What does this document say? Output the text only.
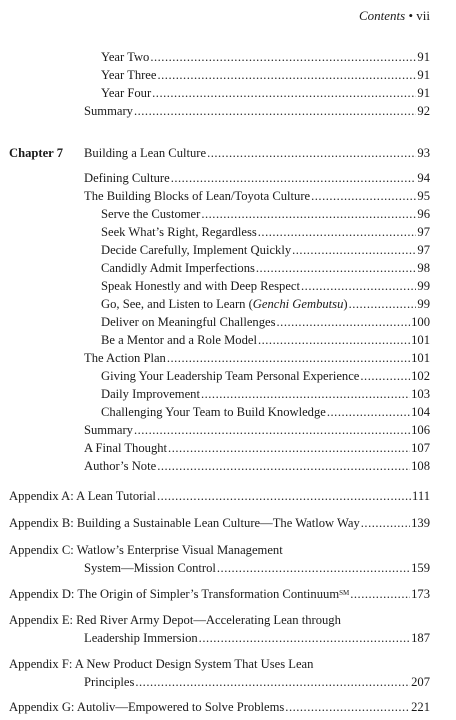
Contents • vii
Year Two .....	91
Year Three .....	91
Year Four .....	91
Summary .....	92
Chapter 7 Building a Lean Culture .....	93
Defining Culture .....	94
The Building Blocks of Lean/Toyota Culture .....	95
Serve the Customer .....	96
Seek What’s Right, Regardless .....	97
Decide Carefully, Implement Quickly .....	97
Candidly Admit Imperfections .....	98
Speak Honestly and with Deep Respect .....	99
Go, See, and Listen to Learn (Genchi Gembutsu) .....	99
Deliver on Meaningful Challenges .....	100
Be a Mentor and a Role Model .....	101
The Action Plan .....	101
Giving Your Leadership Team Personal Experience .....	102
Daily Improvement .....	103
Challenging Your Team to Build Knowledge .....	104
Summary .....	106
A Final Thought .....	107
Author’s Note .....	108
Appendix A: A Lean Tutorial .....	111
Appendix B: Building a Sustainable Lean Culture—The Watlow Way .....	139
Appendix C: Watlow’s Enterprise Visual Management
System—Mission Control .....	159
Appendix D: The Origin of Simpler’s Transformation Continuum℠ .....	173
Appendix E: Red River Army Depot—Accelerating Lean through
Leadership Immersion .....	187
Appendix F: A New Product Design System That Uses Lean
Principles .....	207
Appendix G: Autoliv—Empowered to Solve Problems .....	221
